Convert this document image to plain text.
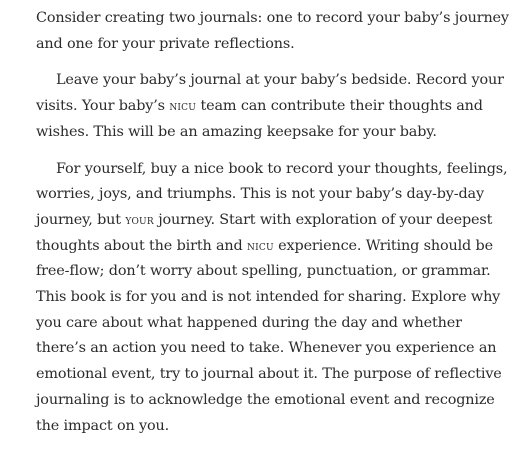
Consider creating two journals: one to record your baby’s journey and one for your private reflections.

Leave your baby’s journal at your baby’s bedside. Record your visits. Your baby’s nicu team can contribute their thoughts and wishes. This will be an amazing keepsake for your baby.

For yourself, buy a nice book to record your thoughts, feelings, worries, joys, and triumphs. This is not your baby’s day-by-day journey, but your journey. Start with exploration of your deepest thoughts about the birth and nicu experience. Writing should be free-flow; don’t worry about spelling, punctuation, or grammar. This book is for you and is not intended for sharing. Explore why you care about what happened during the day and whether there’s an action you need to take. Whenever you experience an emotional event, try to journal about it. The purpose of reflective journaling is to acknowledge the emotional event and recognize the impact on you.
